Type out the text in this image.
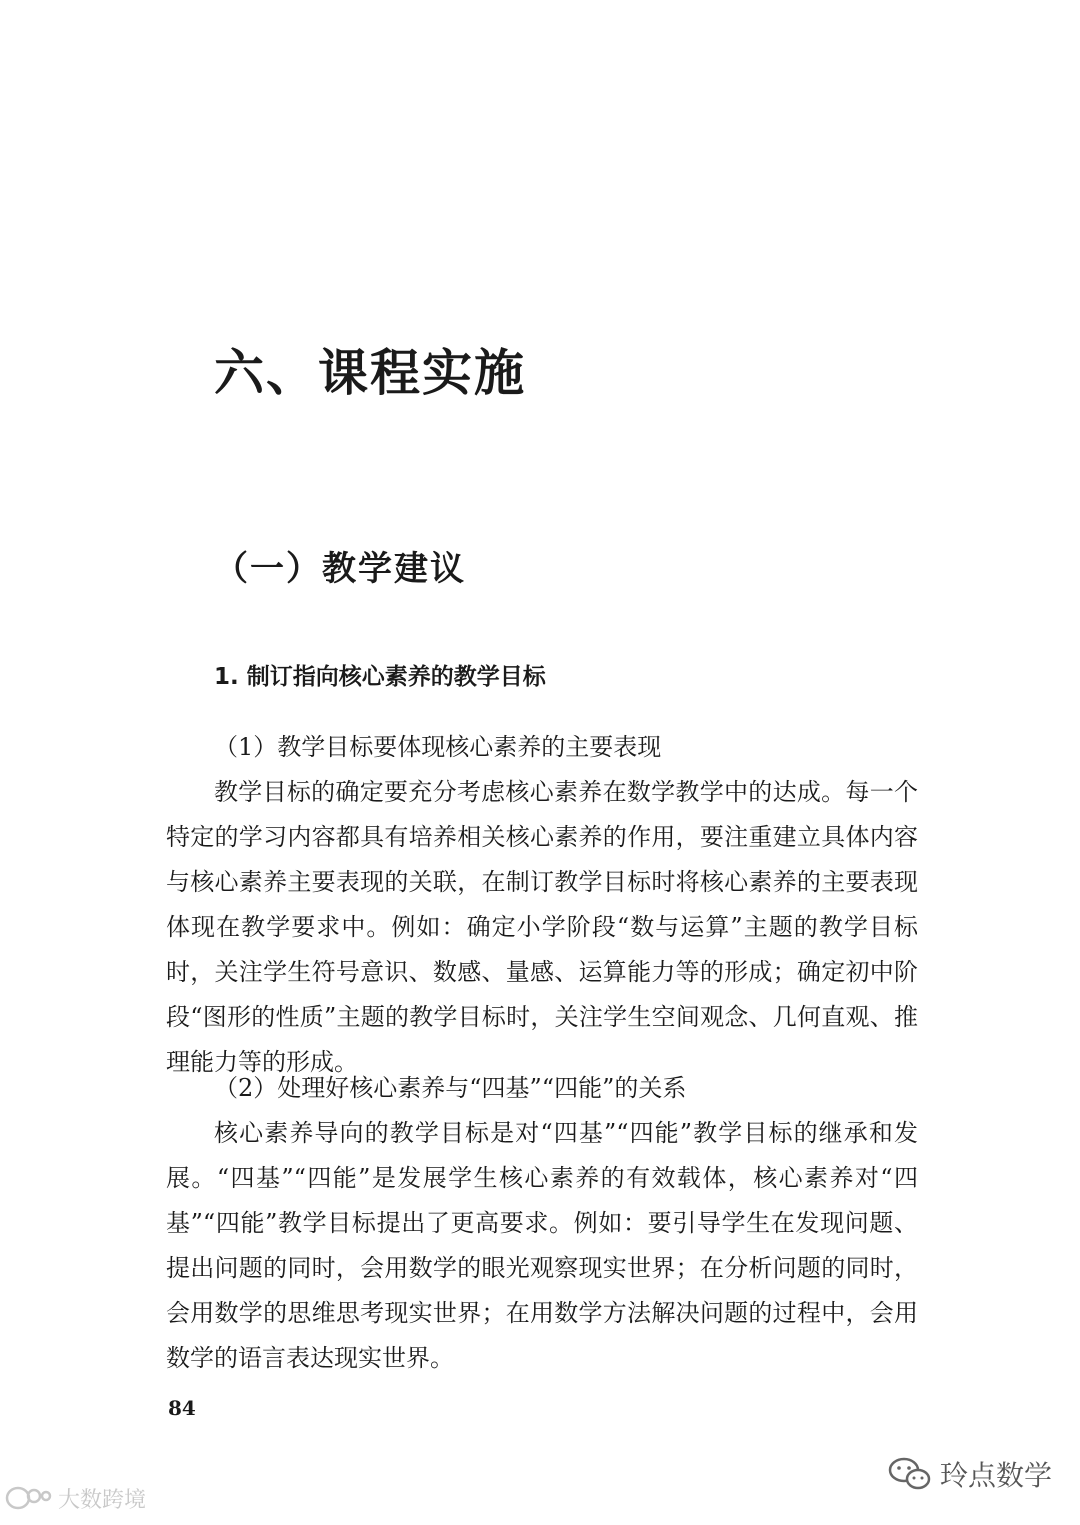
六、课程实施
（一）教学建议
1. 制订指向核心素养的教学目标

（1）教学目标要体现核心素养的主要表现

教学目标的确定要充分考虑核心素养在数学教学中的达成。每一个特定的学习内容都具有培养相关核心素养的作用，要注重建立具体内容与核心素养主要表现的关联，在制订教学目标时将核心素养的主要表现体现在教学要求中。例如：确定小学阶段“数与运算”主题的教学目标时，关注学生符号意识、数感、量感、运算能力等的形成；确定初中阶段“图形的性质”主题的教学目标时，关注学生空间观念、几何直观、推理能力等的形成。

（2）处理好核心素养与“四基”“四能”的关系

核心素养导向的教学目标是对“四基”“四能”教学目标的继承和发展。“四基”“四能”是发展学生核心素养的有效载体，核心素养对“四基”“四能”教学目标提出了更高要求。例如：要引导学生在发现问题、提出问题的同时，会用数学的眼光观察现实世界；在分析问题的同时，会用数学的思维思考现实世界；在用数学方法解决问题的过程中，会用数学的语言表达现实世界。

84

大数跨境
玲点数学
